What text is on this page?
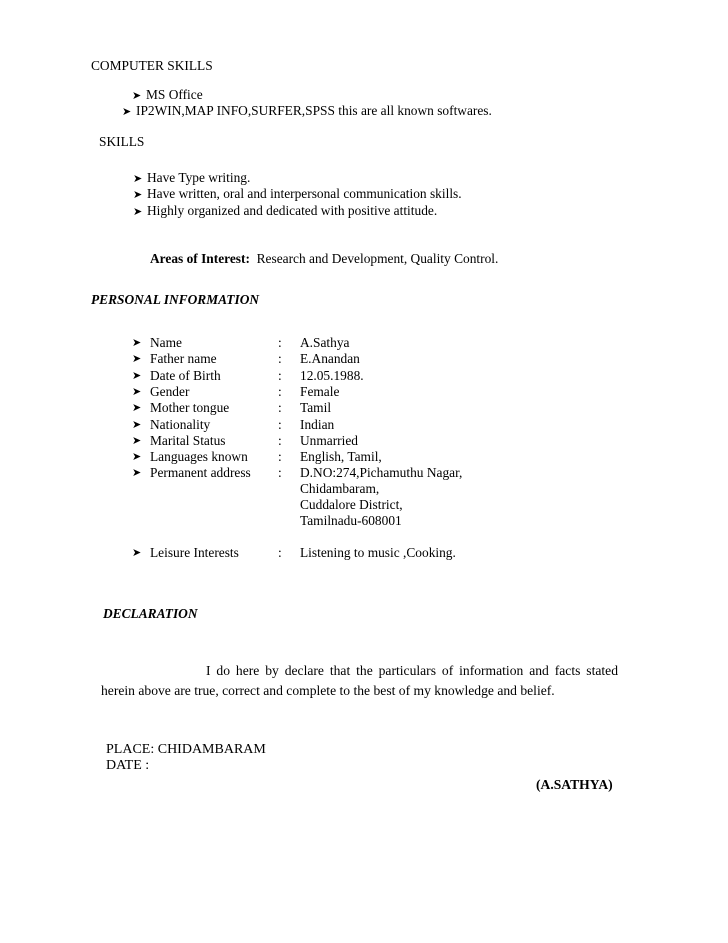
COMPUTER SKILLS
➤ MS Office
➤ IP2WIN,MAP INFO,SURFER,SPSS this are all known softwares.
SKILLS
➤ Have Type writing.
➤ Have written, oral and interpersonal communication skills.
➤ Highly organized and dedicated with positive attitude.
Areas of Interest: Research and Development, Quality Control.
PERSONAL INFORMATION
➤ Name	: A.Sathya
➤ Father name	: E.Anandan
➤ Date of Birth	: 12.05.1988.
➤ Gender	: Female
➤ Mother tongue	: Tamil
➤ Nationality	: Indian
➤ Marital Status	: Unmarried
➤ Languages known : English, Tamil,
➤ Permanent address : D.NO:274,Pichamuthu Nagar,
Chidambaram,
Cuddalore District,
Tamilnadu-608001
➤ Leisure Interests	: Listening to music ,Cooking.
DECLARATION
I do here by declare that the particulars of information and facts stated
herein above are true, correct and complete to the best of my knowledge and belief.
PLACE: CHIDAMBARAM
DATE :
(A.SATHYA)
